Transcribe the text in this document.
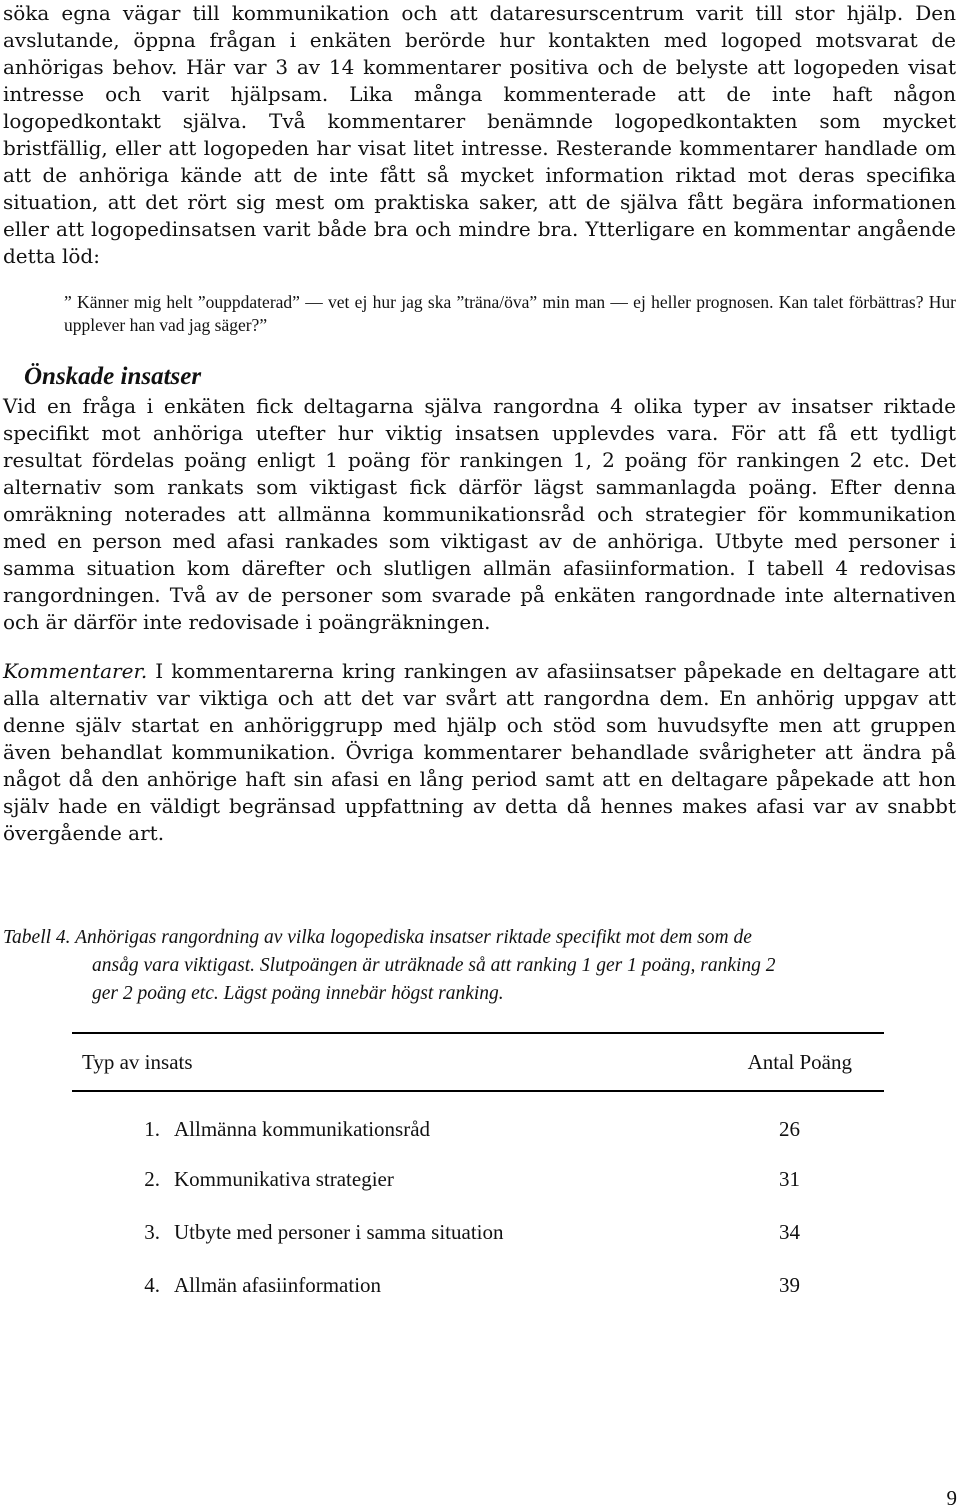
söka egna vägar till kommunikation och att dataresurscentrum varit till stor hjälp. Den avslutande, öppna frågan i enkäten berörde hur kontakten med logoped motsvarat de anhörigas behov. Här var 3 av 14 kommentarer positiva och de belyste att logopeden visat intresse och varit hjälpsam. Lika många kommenterade att de inte haft någon logopedkontakt själva. Två kommentarer benämnde logopedkontakten som mycket bristfällig, eller att logopeden har visat litet intresse. Resterande kommentarer handlade om att de anhöriga kände att de inte fått så mycket information riktad mot deras specifika situation, att det rört sig mest om praktiska saker, att de själva fått begära informationen eller att logopedinsatsen varit både bra och mindre bra. Ytterligare en kommentar angående detta löd:

” Känner mig helt ”ouppdaterad” — vet ej hur jag ska ”träna/öva” min man — ej heller prognosen. Kan talet förbättras? Hur upplever han vad jag säger?”

Önskade insatser

Vid en fråga i enkäten fick deltagarna själva rangordna 4 olika typer av insatser riktade specifikt mot anhöriga utefter hur viktig insatsen upplevdes vara. För att få ett tydligt resultat fördelas poäng enligt 1 poäng för rankingen 1, 2 poäng för rankingen 2 etc. Det alternativ som rankats som viktigast fick därför lägst sammanlagda poäng. Efter denna omräkning noterades att allmänna kommunikationsråd och strategier för kommunikation med en person med afasi rankades som viktigast av de anhöriga. Utbyte med personer i samma situation kom därefter och slutligen allmän afasiinformation. I tabell 4 redovisas rangordningen. Två av de personer som svarade på enkäten rangordnade inte alternativen och är därför inte redovisade i poängräkningen.

Kommentarer. I kommentarerna kring rankingen av afasiinsatser påpekade en deltagare att alla alternativ var viktiga och att det var svårt att rangordna dem. En anhörig uppgav att denne själv startat en anhöriggrupp med hjälp och stöd som huvudsyfte men att gruppen även behandlat kommunikation. Övriga kommentarer behandlade svårigheter att ändra på något då den anhörige haft sin afasi en lång period samt att en deltagare påpekade att hon själv hade en väldigt begränsad uppfattning av detta då hennes makes afasi var av snabbt övergående art.

Tabell 4. Anhörigas rangordning av vilka logopediska insatser riktade specifikt mot dem som de
ansåg vara viktigast. Slutpoängen är uträknade så att ranking 1 ger 1 poäng, ranking 2
ger 2 poäng etc. Lägst poäng innebär högst ranking.
Typ av insats		Antal Poäng
1.	Allmänna kommunikationsråd	26
2.	Kommunikativa strategier	31
3.	Utbyte med personer i samma situation	34
4.	Allmän afasiinformation	39
9
